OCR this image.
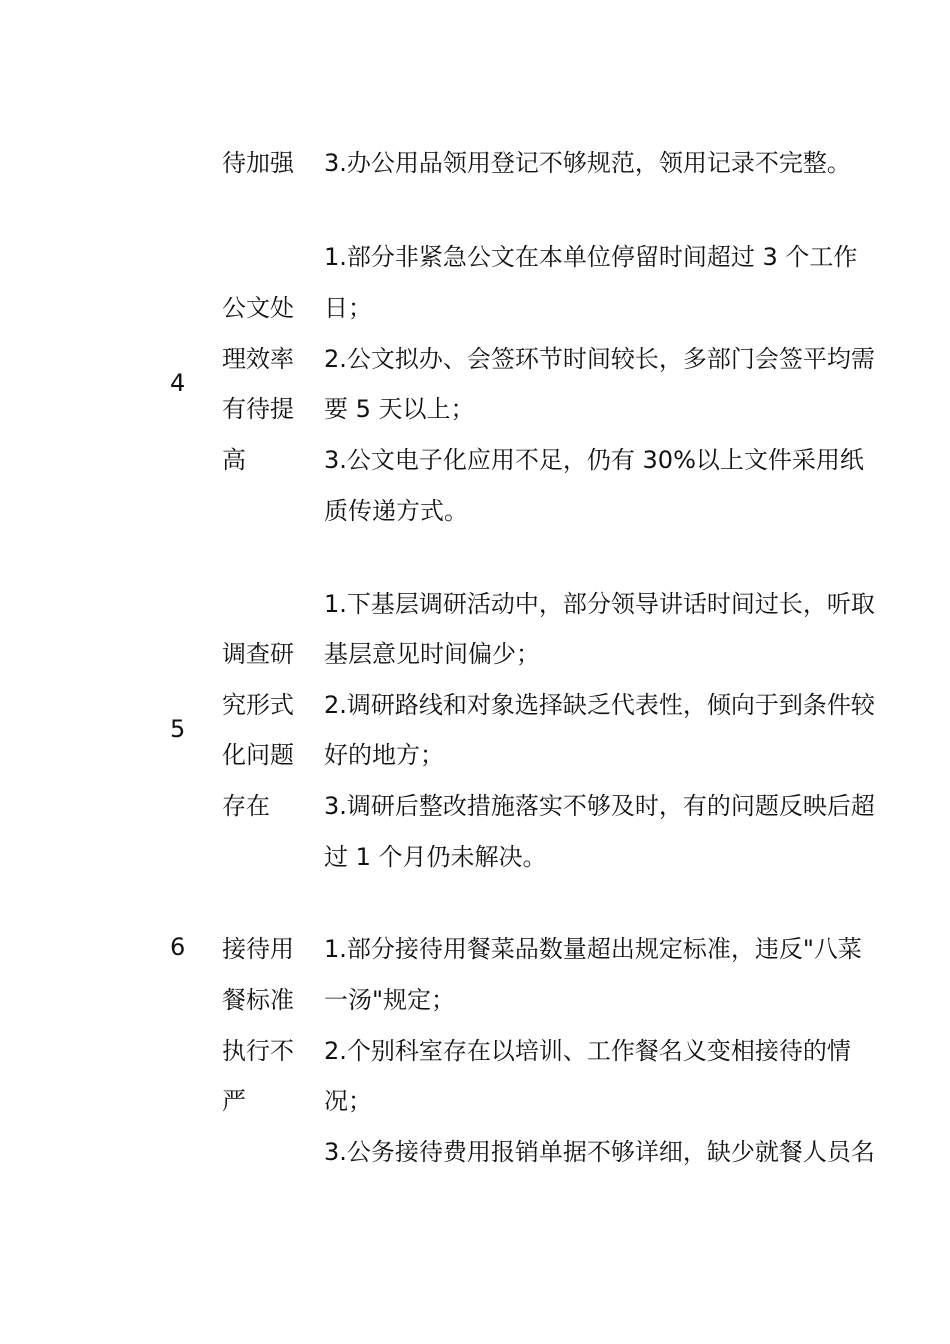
待加强 3.办公用品领用登记不够规范，领用记录不完整。
4
公文处
理效率
有待提
高
1.部分非紧急公文在本单位停留时间超过 3 个工作
日；
2.公文拟办、会签环节时间较长，多部门会签平均需
要 5 天以上；
3.公文电子化应用不足，仍有 30%以上文件采用纸
质传递方式。
5
调查研
究形式
化问题
存在
1.下基层调研活动中，部分领导讲话时间过长，听取
基层意见时间偏少；
2.调研路线和对象选择缺乏代表性，倾向于到条件较
好的地方；
3.调研后整改措施落实不够及时，有的问题反映后超
过 1 个月仍未解决。
6 接待用
餐标准
执行不
严
1.部分接待用餐菜品数量超出规定标准，违反"八菜
一汤"规定；
2.个别科室存在以培训、工作餐名义变相接待的情
况；
3.公务接待费用报销单据不够详细，缺少就餐人员名
